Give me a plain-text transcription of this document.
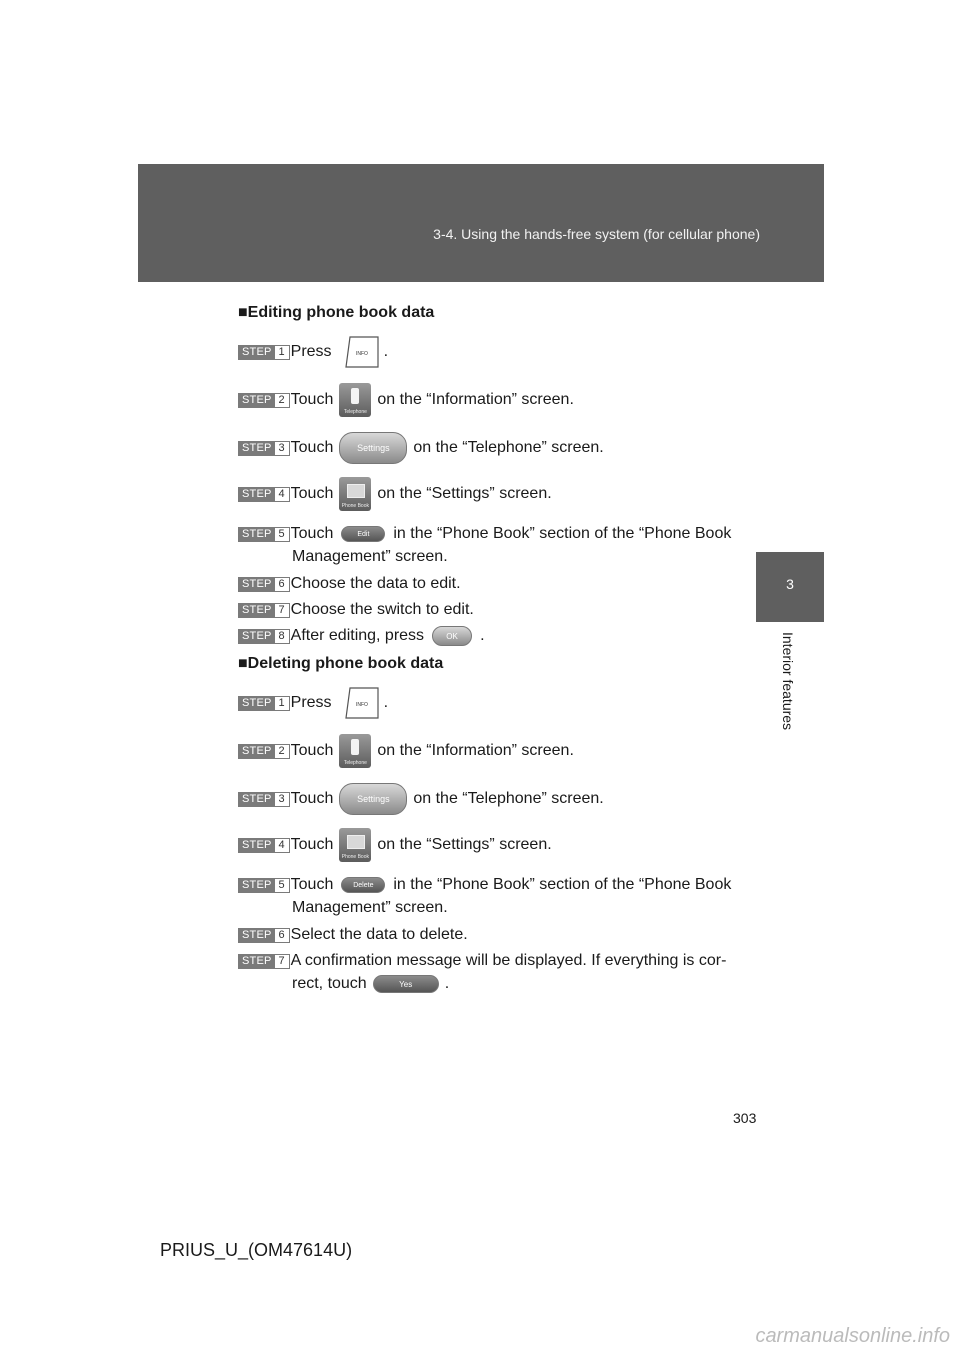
3-4. Using the hands-free system (for cellular phone)
3
Interior features
■Editing phone book data
STEP 1 Press	INFO .
STEP 2 Touch
Telephone
on the “Information” screen.
STEP 3 Touch	Settings	on the “Telephone” screen.
STEP 4 Touch
Phone Book
on the “Settings” screen.
STEP 5 Touch	Edit	in the “Phone Book” section of the “Phone Book
Management” screen.
STEP 6 Choose the data to edit.
STEP 7 Choose the switch to edit.
STEP 8 After editing, press	OK	.
■Deleting phone book data
STEP 1 Press	INFO .
STEP 2 Touch
Telephone
on the “Information” screen.
STEP 3 Touch	Settings	on the “Telephone” screen.
STEP 4 Touch
Phone Book
on the “Settings” screen.
STEP 5 Touch	Delete	in the “Phone Book” section of the “Phone Book
Management” screen.
STEP 6 Select the data to delete.
STEP 7 A confirmation message will be displayed. If everything is cor-
rect, touch	Yes	.
303
PRIUS_U_(OM47614U)
carmanualsonline.info
